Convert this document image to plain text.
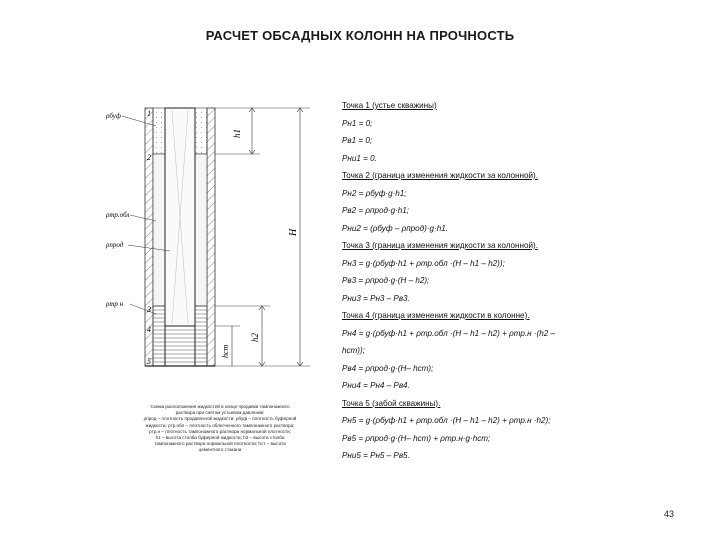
РАСЧЕТ ОБСАДНЫХ КОЛОНН НА ПРОЧНОСТЬ
1
2
3
4
5
ρбуф
ρтр.обл
ρпрод
ρтр н
h1
H
h2
hст
Схема расположения жидкостей в конце продавки тампонажного
раствора при снятом устьевом давлении:
ρпрод – плотность продавочной жидкости; ρбуф – плотность буферной
жидкости; ρтр.обл – плотность облегченного тампонажного раствора;
ρтр.н – плотность тампонажного раствора нормальной плотности;
h1 – высота столба буферной жидкости; h2 – высота столба
тампонажного раствора нормальной плотности; hст – высота
цементного стакана
Точка 1 (устье скважины)
Pн1 = 0;
Pв1 = 0;
Pни1 = 0.
Точка 2 (граница изменения жидкости за колонной).
Pн2 = ρбуф·g·h1;
Pв2 = ρпрод·g·h1;
Pни2 = (ρбуф – ρпрод)·g·h1.
Точка 3 (граница изменения жидкости за колонной).
Pн3 = g·(ρбуф·h1 + ρтр.обл ·(H – h1 – h2));
Pв3 = ρпрод·g·(H – h2);
Pни3 = Pн3 – Pв3.
Точка 4 (граница изменения жидкости в колонне).
Pн4 = g·(ρбуф·h1 + ρтр.обл ·(H – h1 – h2) + ρтр.н ·(h2 –
hст));
Pв4 = ρпрод·g·(H– hст);
Pни4 = Pн4 – Pв4.
Точка 5 (забой скважины).
Pн5 = g·(ρбуф·h1 + ρтр.обл ·(H – h1 – h2) + ρтр.н ·h2);
Pв5 = ρпрод·g·(H– hст) + ρтр.н·g·hст;
Pни5 = Pн5 – Pв5.
43
